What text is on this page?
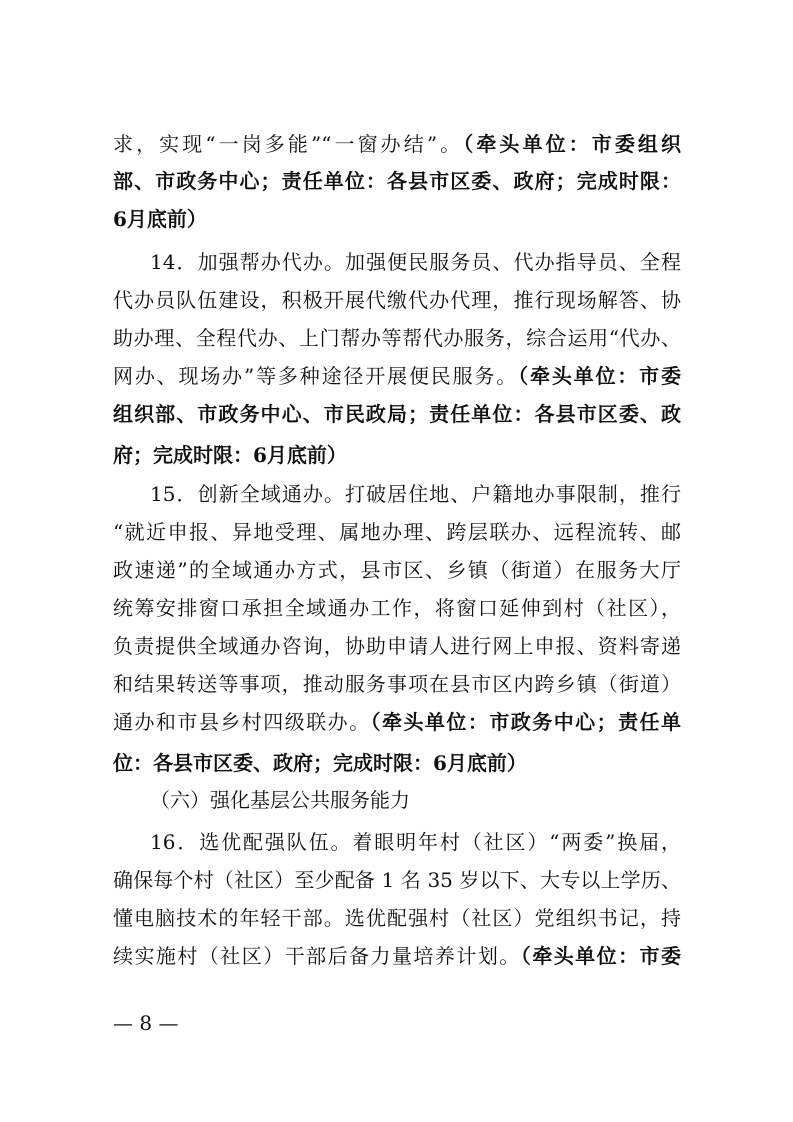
求，实现“一岗多能”“一窗办结”。（牵头单位：市委组织
部、市政务中心；责任单位：各县市区委、政府；完成时限：
6月底前）
14．加强帮办代办。加强便民服务员、代办指导员、全程
代办员队伍建设，积极开展代缴代办代理，推行现场解答、协
助办理、全程代办、上门帮办等帮代办服务，综合运用“代办、
网办、现场办”等多种途径开展便民服务。（牵头单位：市委
组织部、市政务中心、市民政局；责任单位：各县市区委、政
府；完成时限：6月底前）
15．创新全域通办。打破居住地、户籍地办事限制，推行
“就近申报、异地受理、属地办理、跨层联办、远程流转、邮
政速递”的全域通办方式，县市区、乡镇（街道）在服务大厅
统筹安排窗口承担全域通办工作，将窗口延伸到村（社区），
负责提供全域通办咨询，协助申请人进行网上申报、资料寄递
和结果转送等事项，推动服务事项在县市区内跨乡镇（街道）
通办和市县乡村四级联办。（牵头单位：市政务中心；责任单
位：各县市区委、政府；完成时限：6月底前）
（六）强化基层公共服务能力
16．选优配强队伍。着眼明年村（社区）“两委”换届，
确保每个村（社区）至少配备 1 名 35 岁以下、大专以上学历、
懂电脑技术的年轻干部。选优配强村（社区）党组织书记，持
续实施村（社区）干部后备力量培养计划。（牵头单位：市委
— 8 —
